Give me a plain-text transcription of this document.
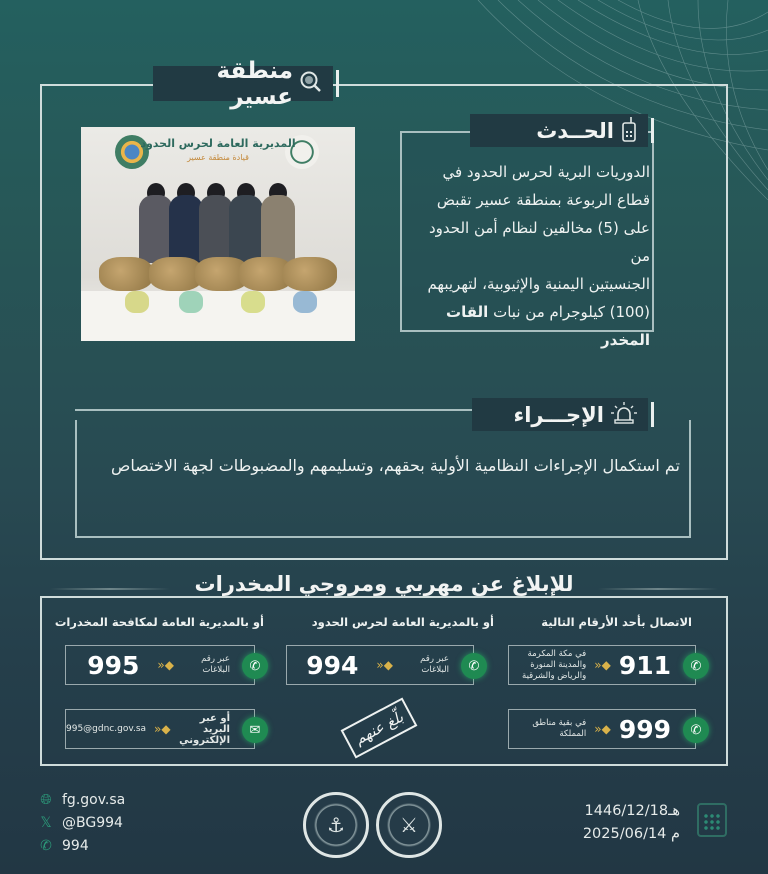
منطقة عسير
المديرية العامة لحرس الحدود
قيادة منطقة عسير
الحــدث
الدوريات البرية لحرس الحدود في
قطاع الربوعة بمنطقة عسير تقبض
على (5) مخالفين لنظام أمن الحدود من
الجنسيتين اليمنية والإثيوبية، لتهريبهم
(100) كيلوجرام من نبات القات المخدر
الإجـــراء
تم استكمال الإجراءات النظامية الأولية بحقهم، وتسليمهم والمضبوطات لجهة الاختصاص
للإبلاغ عن مهربي ومروجي المخدرات
الاتصال بأحد الأرقام التالية
✆
911
◆«
في مكة المكرمة والمدينة المنورة والرياض والشرقية
✆
999
◆«
في بقية مناطق المملكة
أو بالمديرية العامة لحرس الحدود
✆
عبر رقم البلاغات
◆«
994
بلّغ عنهم
أو بالمديرية العامة لمكافحة المخدرات
✆
عبر رقم البلاغات
◆«
995
✉
أو عبر البريد الإلكتروني
◆«
995@gdnc.gov.sa
🌐︎ fg.gov.sa
𝕏 @BG994
✆ 994
⚓︎	⚔︎
1446/12/18هـ
2025/06/14 م
